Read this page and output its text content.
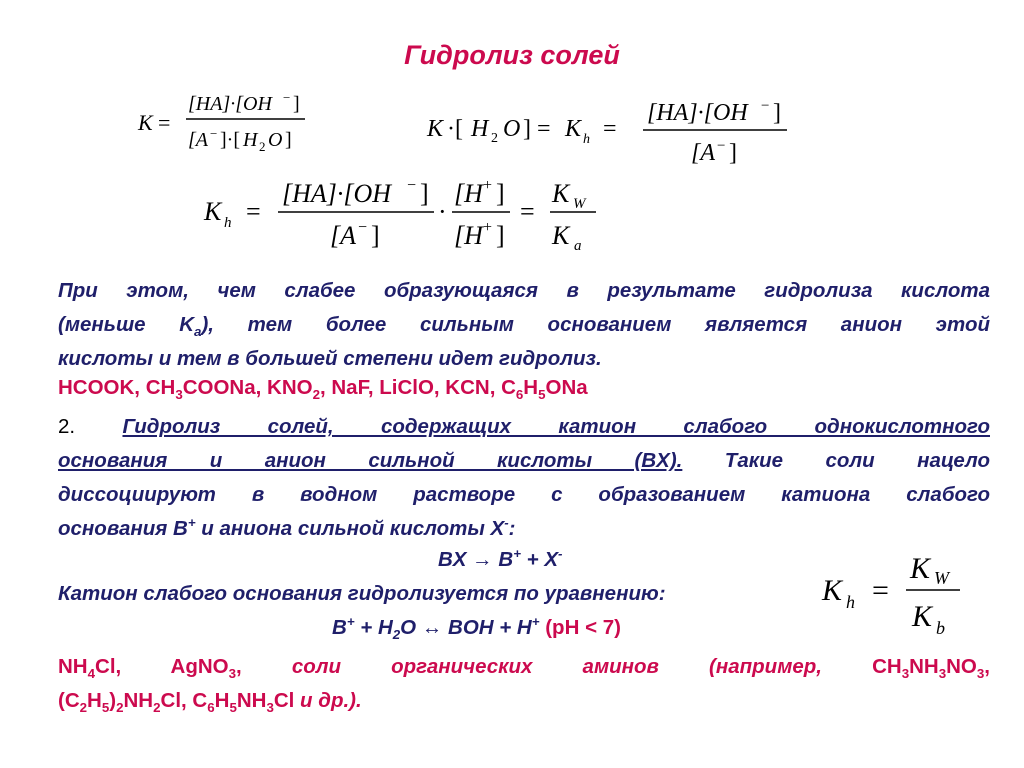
Гидролиз солей
K =
[HA]·[OH − ]
[A − ]·[ H 2 O ]	K ·[ H 2 O ] = K h =
[HA]·[OH − ]
[A − ]
K h =
[HA]·[OH − ]
[A − ]
·
[H + ]
[H + ]
=
K W
K a
При этом, чем слабее образующаяся в результате гидролиза кислота
(меньше $K_a$), тем более сильным основанием является анион этой
кислоты и тем в большей степени идет гидролиз.
HCOOK, $CH_3COONa$, $KNO_2$, NaF, LiClO, KCN, $C_6H_5ONa$
2. Гидролиз солей, содержащих катион слабого однокислотного
основания и анион сильной кислоты (BX). Такие соли нацело
диссоциируют в водном растворе с образованием катиона слабого
основания B+ и аниона сильной кислоты X-:
BX → B+ + X-
Катион слабого основания гидролизуется по уравнению:	K h =
K W
K b
$B^+ + H_2O$ ↔ BOH + H+ (pH < 7)
$NH_4Cl$, AgNO$_3$, соли органических аминов (например, $CH_3NH_3NO_3$,
$(C_2H_5)_2NH_2Cl$, $C_6H_5NH_3Cl$ и др.).
